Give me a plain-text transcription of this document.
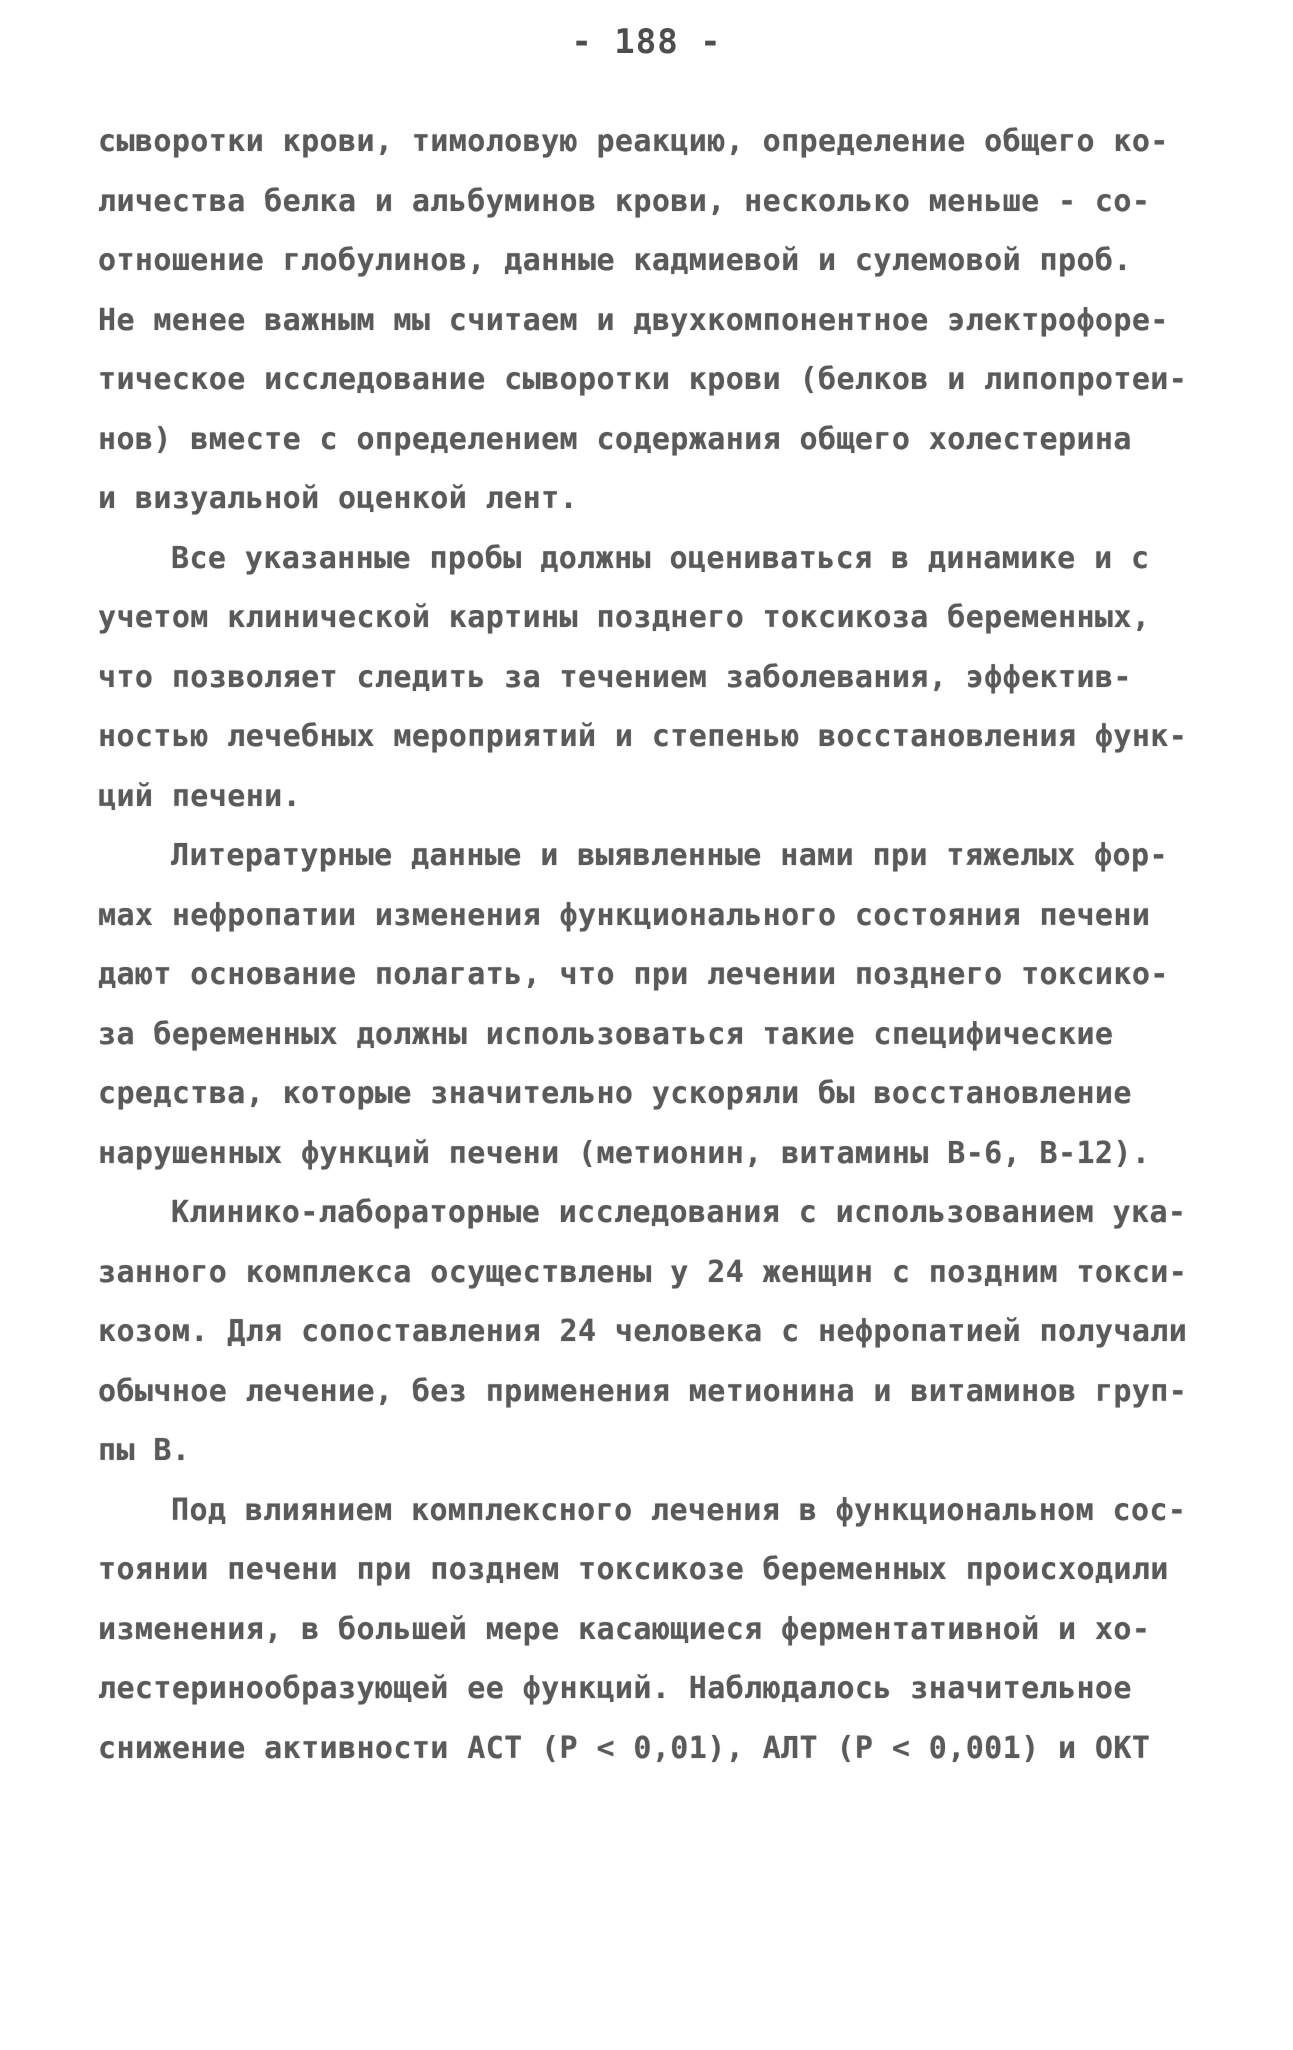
- 188 -
сыворотки крови, тимоловую реакцию, определение общего ко-
личества белка и альбуминов крови, несколько меньше - со-
отношение глобулинов, данные кадмиевой и сулемовой проб.
Не менее важным мы считаем и двухкомпонентное электрофоре-
тическое исследование сыворотки крови (белков и липопротеи-
нов) вместе с определением содержания общего холестерина
и визуальной оценкой лент.
Все указанные пробы должны оцениваться в динамике и с
учетом клинической картины позднего токсикоза беременных,
что позволяет следить за течением заболевания, эффектив-
ностью лечебных мероприятий и степенью восстановления функ-
ций печени.
Литературные данные и выявленные нами при тяжелых фор-
мах нефропатии изменения функционального состояния печени
дают основание полагать, что при лечении позднего токсико-
за беременных должны использоваться такие специфические
средства, которые значительно ускоряли бы восстановление
нарушенных функций печени (метионин, витамины В-6, В-12).
Клинико-лабораторные исследования с использованием ука-
занного комплекса осуществлены у 24 женщин с поздним токси-
козом. Для сопоставления 24 человека с нефропатией получали
обычное лечение, без применения метионина и витаминов груп-
пы В.
Под влиянием комплексного лечения в функциональном сос-
тоянии печени при позднем токсикозе беременных происходили
изменения, в большей мере касающиеся ферментативной и хо-
лестеринообразующей ее функций. Наблюдалось значительное
снижение активности АСТ (Р < 0,01), АЛТ (Р < 0,001) и ОКТ
